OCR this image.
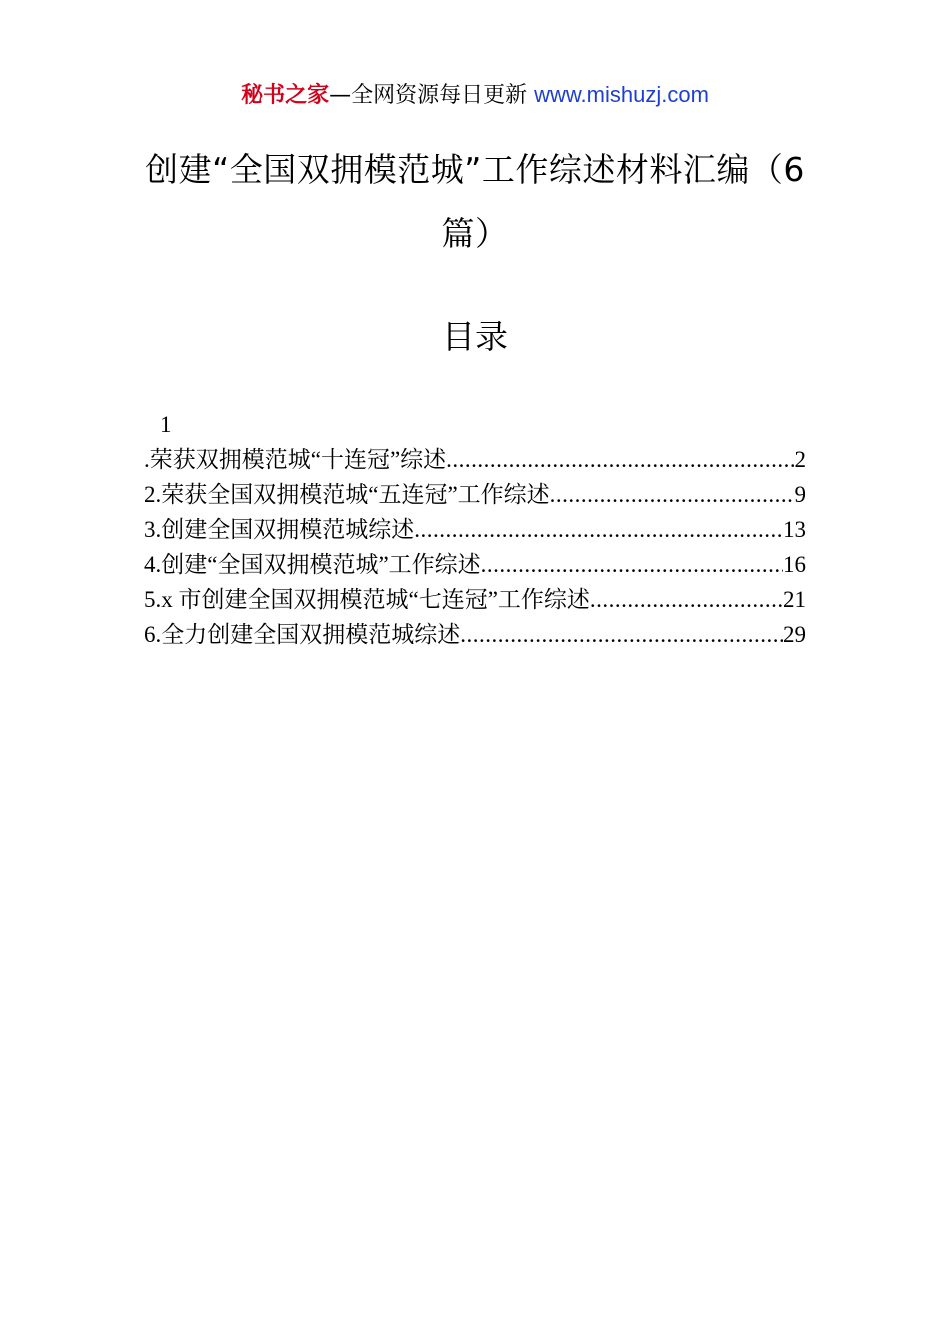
秘书之家—全网资源每日更新 www.mishuzj.com
创建“全国双拥模范城”工作综述材料汇编（6篇）
目录
1
.荣获双拥模范城“十连冠”综述 .....	2
2.荣获全国双拥模范城“五连冠”工作综述 .....	9
3.创建全国双拥模范城综述 .....	13
4.创建“全国双拥模范城”工作综述 .....	16
5.x 市创建全国双拥模范城“七连冠”工作综述 .....	21
6.全力创建全国双拥模范城综述 .....	29
